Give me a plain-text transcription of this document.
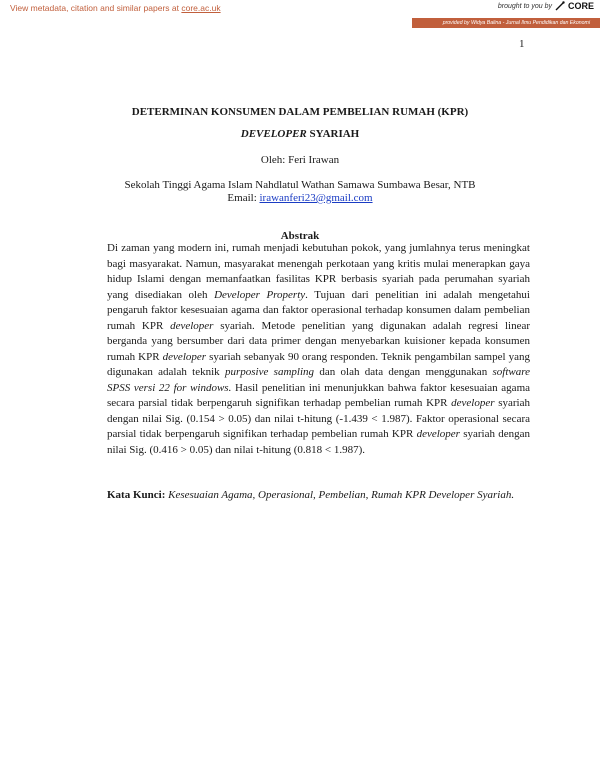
View metadata, citation and similar papers at core.ac.uk	brought to you by CORE
provided by Widya Balina - Jurnal Ilmu Pendidikan dan Ekonomi
1
DETERMINAN KONSUMEN DALAM PEMBELIAN RUMAH (KPR)
DEVELOPER SYARIAH
Oleh: Feri Irawan
Sekolah Tinggi Agama Islam Nahdlatul Wathan Samawa Sumbawa Besar, NTB
Email: irawanferi23@gmail.com
Abstrak

Di zaman yang modern ini, rumah menjadi kebutuhan pokok, yang jumlahnya terus meningkat bagi masyarakat. Namun, masyarakat menengah perkotaan yang kritis mulai menerapkan gaya hidup Islami dengan memanfaatkan fasilitas KPR berbasis syariah pada perumahan syariah yang disediakan oleh Developer Property. Tujuan dari penelitian ini adalah mengetahui pengaruh faktor kesesuaian agama dan faktor operasional terhadap konsumen dalam pembelian rumah KPR developer syariah. Metode penelitian yang digunakan adalah regresi linear berganda yang bersumber dari data primer dengan menyebarkan kuisioner kepada konsumen rumah KPR developer syariah sebanyak 90 orang responden. Teknik pengambilan sampel yang digunakan adalah teknik purposive sampling dan olah data dengan menggunakan software SPSS versi 22 for windows. Hasil penelitian ini menunjukkan bahwa faktor kesesuaian agama secara parsial tidak berpengaruh signifikan terhadap pembelian rumah KPR developer syariah dengan nilai Sig. (0.154 > 0.05) dan nilai t-hitung (-1.439 < 1.987). Faktor operasional secara parsial tidak berpengaruh signifikan terhadap pembelian rumah KPR developer syariah dengan nilai Sig. (0.416 > 0.05) dan nilai t-hitung (0.818 < 1.987).

Kata Kunci: Kesesuaian Agama, Operasional, Pembelian, Rumah KPR Developer Syariah.
